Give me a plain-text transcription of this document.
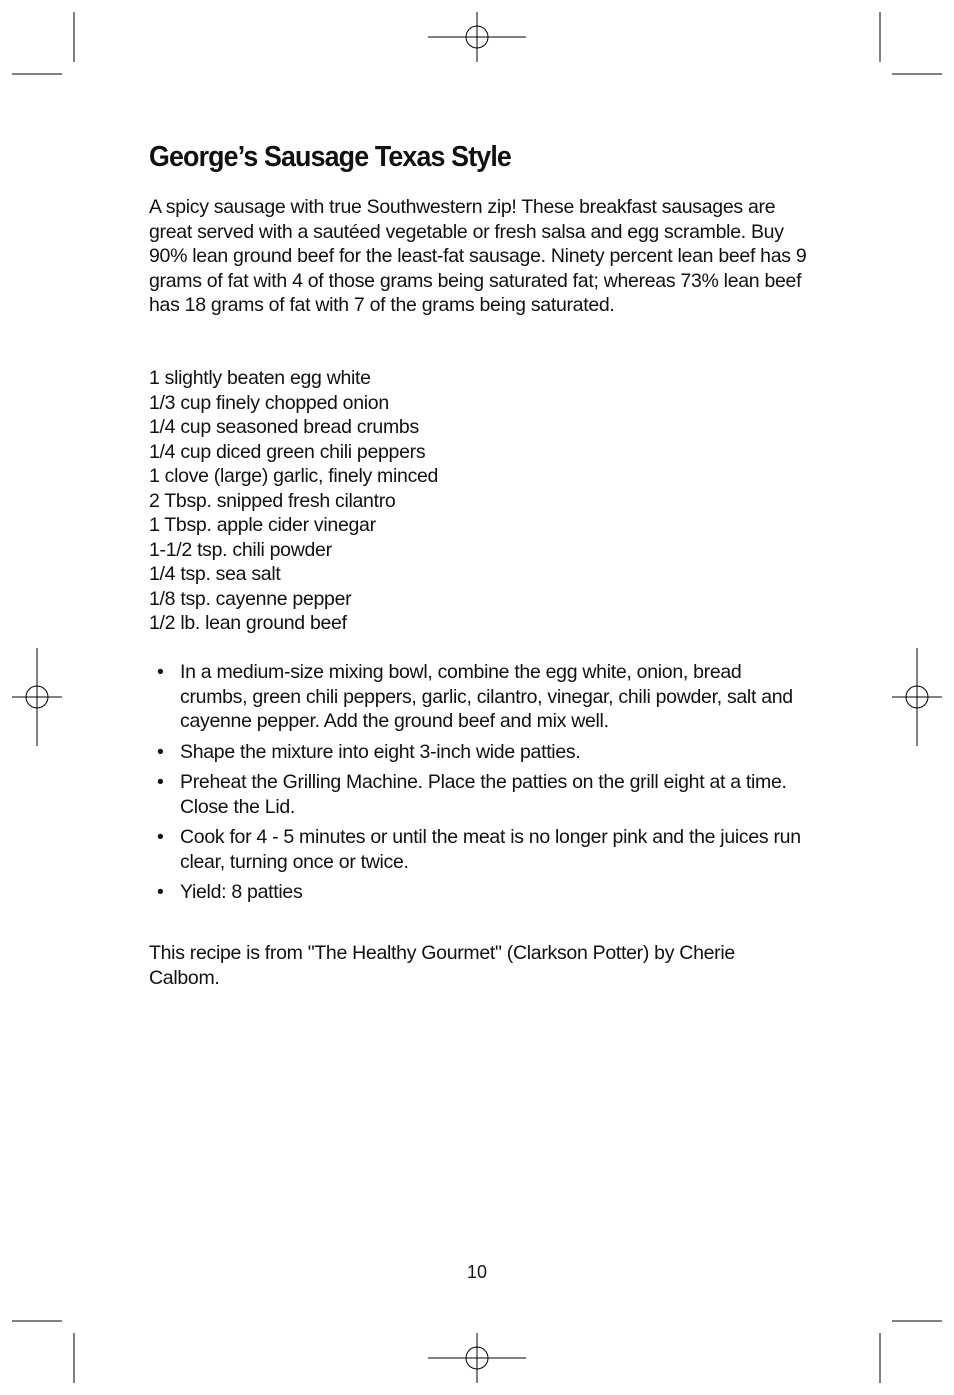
George’s Sausage Texas Style

A spicy sausage with true Southwestern zip! These breakfast sausages are great served with a sautéed vegetable or fresh salsa and egg scramble. Buy 90% lean ground beef for the least-fat sausage. Ninety percent lean beef has 9 grams of fat with 4 of those grams being saturated fat; whereas 73% lean beef has 18 grams of fat with 7 of the grams being saturated.

1 slightly beaten egg white
1/3 cup finely chopped onion
1/4 cup seasoned bread crumbs
1/4 cup diced green chili peppers
1 clove (large) garlic, finely minced
2 Tbsp. snipped fresh cilantro
1 Tbsp. apple cider vinegar
1-1/2 tsp. chili powder
1/4 tsp. sea salt
1/8 tsp. cayenne pepper
1/2 lb. lean ground beef
• In a medium-size mixing bowl, combine the egg white, onion, bread crumbs, green chili peppers, garlic, cilantro, vinegar, chili powder, salt and cayenne pepper. Add the ground beef and mix well.
• Shape the mixture into eight 3-inch wide patties.
• Preheat the Grilling Machine. Place the patties on the grill eight at a time. Close the Lid.
• Cook for 4 - 5 minutes or until the meat is no longer pink and the juices run clear, turning once or twice.
• Yield: 8 patties

This recipe is from "The Healthy Gourmet" (Clarkson Potter) by Cherie Calbom.

10
